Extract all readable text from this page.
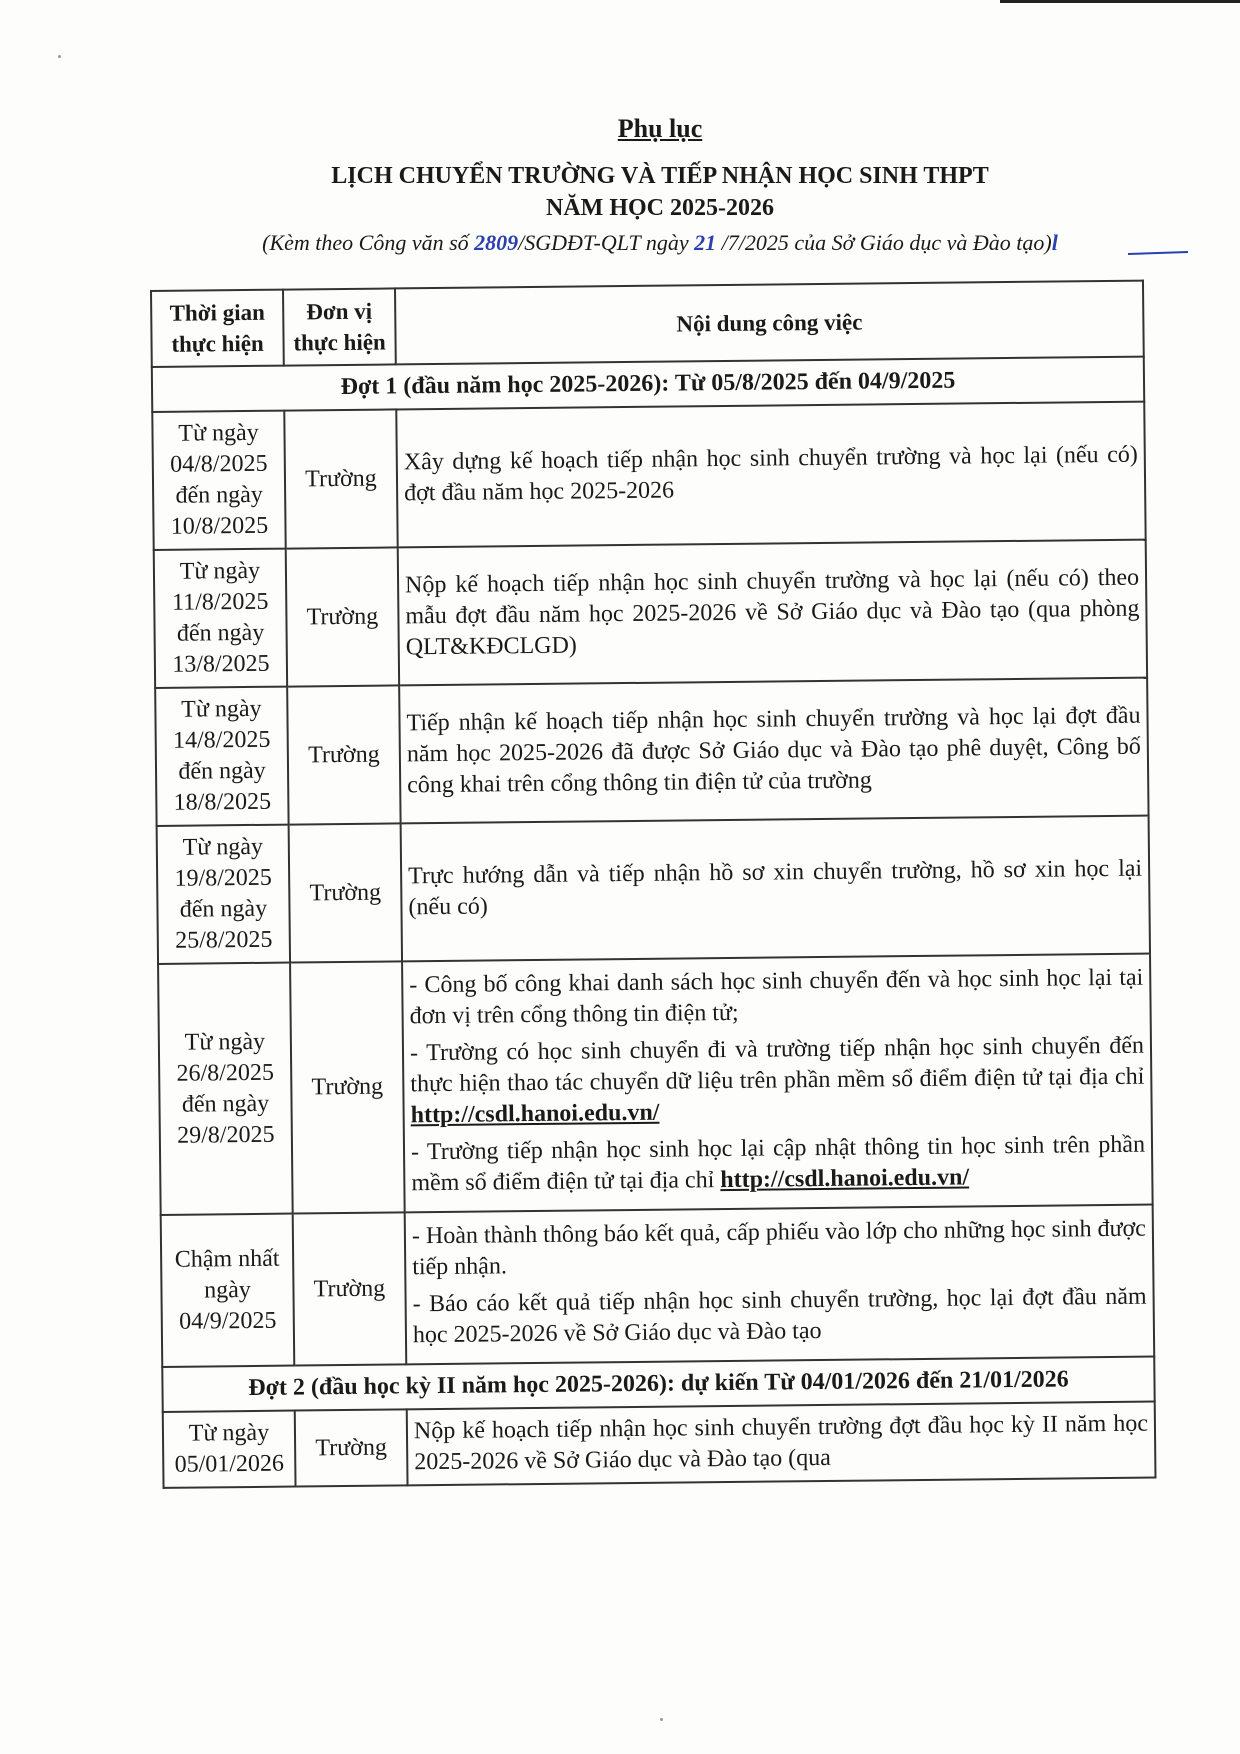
Phụ lục
LỊCH CHUYỂN TRƯỜNG VÀ TIẾP NHẬN HỌC SINH THPT
NĂM HỌC 2025-2026
(Kèm theo Công văn số 2809/SGDĐT-QLT ngày 21 /7/2025 của Sở Giáo dục và Đào tạo)l
Thời gian thực hiện	Đơn vị thực hiện	Nội dung công việc
Đợt 1 (đầu năm học 2025-2026): Từ 05/8/2025 đến 04/9/2025		
Từ ngày 04/8/2025 đến ngày 10/8/2025	Trường	Xây dựng kế hoạch tiếp nhận học sinh chuyển trường và học lại (nếu có) đợt đầu năm học 2025-2026
Từ ngày 11/8/2025 đến ngày 13/8/2025	Trường	Nộp kế hoạch tiếp nhận học sinh chuyển trường và học lại (nếu có) theo mẫu đợt đầu năm học 2025-2026 về Sở Giáo dục và Đào tạo (qua phòng QLT&KĐCLGD)
Từ ngày 14/8/2025 đến ngày 18/8/2025	Trường	Tiếp nhận kế hoạch tiếp nhận học sinh chuyển trường và học lại đợt đầu năm học 2025-2026 đã được Sở Giáo dục và Đào tạo phê duyệt, Công bố công khai trên cổng thông tin điện tử của trường
Từ ngày 19/8/2025 đến ngày 25/8/2025	Trường	Trực hướng dẫn và tiếp nhận hồ sơ xin chuyển trường, hồ sơ xin học lại (nếu có)
Từ ngày 26/8/2025 đến ngày 29/8/2025	Trường	- Công bố công khai danh sách học sinh chuyển đến và học sinh học lại tại đơn vị trên cổng thông tin điện tử;
- Trường có học sinh chuyển đi và trường tiếp nhận học sinh chuyển đến thực hiện thao tác chuyển dữ liệu trên phần mềm sổ điểm điện tử tại địa chỉ http://csdl.hanoi.edu.vn/
- Trường tiếp nhận học sinh học lại cập nhật thông tin học sinh trên phần mềm sổ điểm điện tử tại địa chỉ http://csdl.hanoi.edu.vn/

Chậm nhất ngày 04/9/2025	Trường	- Hoàn thành thông báo kết quả, cấp phiếu vào lớp cho những học sinh được tiếp nhận.
- Báo cáo kết quả tiếp nhận học sinh chuyển trường, học lại đợt đầu năm học 2025-2026 về Sở Giáo dục và Đào tạo

Đợt 2 (đầu học kỳ II năm học 2025-2026): dự kiến Từ 04/01/2026 đến 21/01/2026		
Từ ngày 05/01/2026	Trường	Nộp kế hoạch tiếp nhận học sinh chuyển trường đợt đầu học kỳ II năm học 2025-2026 về Sở Giáo dục và Đào tạo (qua
